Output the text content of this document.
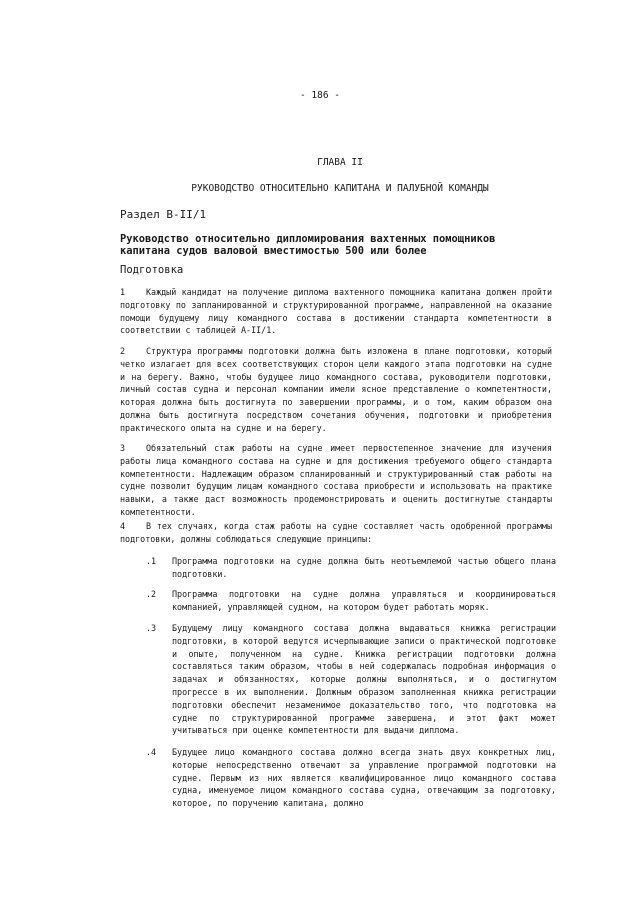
- 186 -
ГЛАВА II
РУКОВОДСТВО ОТНОСИТЕЛЬНО КАПИТАНА И ПАЛУБНОЙ КОМАНДЫ
Раздел B-II/1
Руководство относительно дипломирования вахтенных помощников
капитана судов валовой вместимостью 500 или более
Подготовка

1 Каждый кандидат на получение диплома вахтенного помощника капитана должен пройти подготовку по запланированной и структурированной программе, направленной на оказание помощи будущему лицу командного состава в достижении стандарта компетентности в соответствии с таблицей А-II/1.

2 Структура программы подготовки должна быть изложена в плане подготовки, который четко излагает для всех соответствующих сторон цели каждого этапа подготовки на судне и на берегу. Важно, чтобы будущее лицо командного состава, руководители подготовки, личный состав судна и персонал компании имели ясное представление о компетентности, которая должна быть достигнута по завершении программы, и о том, каким образом она должна быть достигнута посредством сочетания обучения, подготовки и приобретения практического опыта на судне и на берегу.

3 Обязательный стаж работы на судне имеет первостепенное значение для изучения работы лица командного состава на судне и для достижения требуемого общего стандарта компетентности. Надлежащим образом спланированный и структурированный стаж работы на судне позволит будущим лицам командного состава приобрести и использовать на практике навыки, а также даст возможность продемонстрировать и оценить достигнутые стандарты компетентности.

4 В тех случаях, когда стаж работы на судне составляет часть одобренной программы подготовки, должны соблюдаться следующие принципы:

.1 Программа подготовки на судне должна быть неотъемлемой частью общего плана подготовки.
.2 Программа подготовки на судне должна управляться и координироваться компанией, управляющей судном, на котором будет работать моряк.
.3 Будущему лицу командного состава должна выдаваться книжка регистрации подготовки, в которой ведутся исчерпывающие записи о практической подготовке и опыте, полученном на судне. Книжка регистрации подготовки должна составляться таким образом, чтобы в ней содержалась подробная информация о задачах и обязанностях, которые должны выполняться, и о достигнутом прогрессе в их выполнении. Должным образом заполненная книжка регистрации подготовки обеспечит незаменимое доказательство того, что подготовка на судне по структурированной программе завершена, и этот факт может учитываться при оценке компетентности для выдачи диплома.
.4 Будущее лицо командного состава должно всегда знать двух конкретных лиц, которые непосредственно отвечают за управление программой подготовки на судне. Первым из них является квалифицированное лицо командного состава судна, именуемое лицом командного состава судна, отвечающим за подготовку, которое, по поручению капитана, должно
